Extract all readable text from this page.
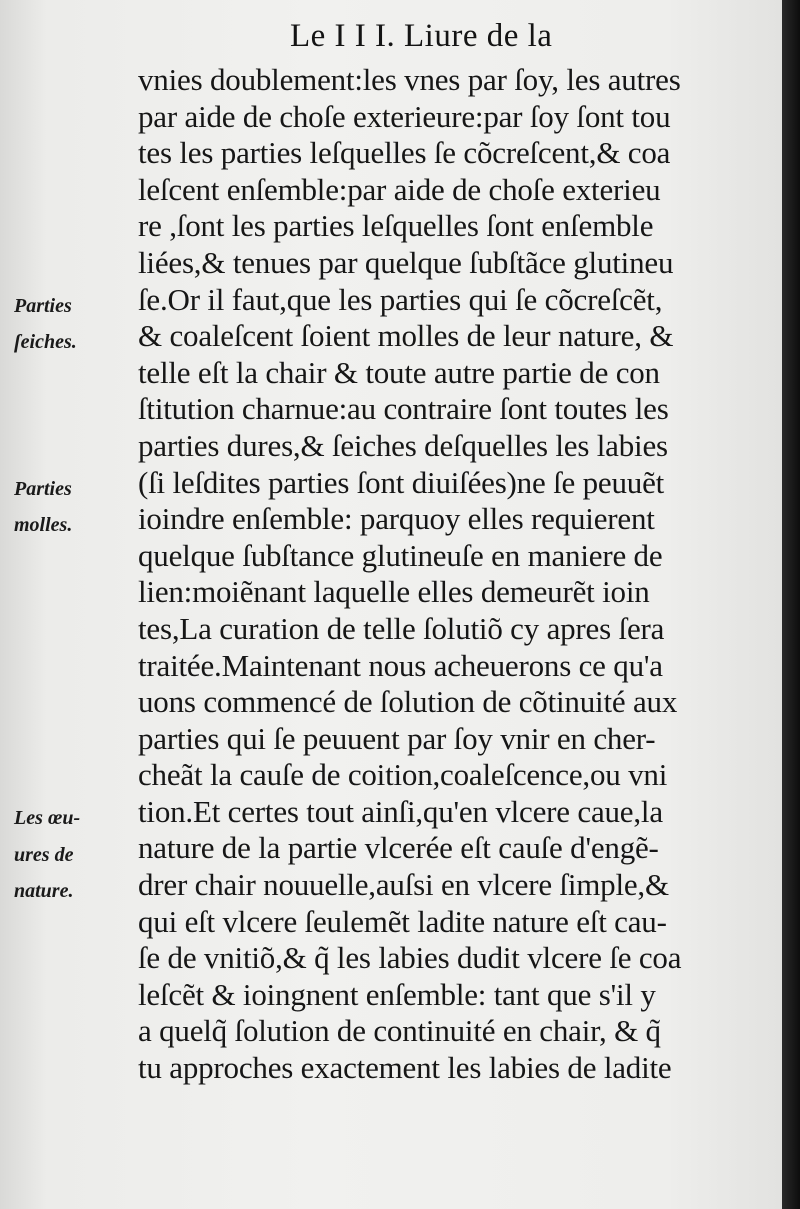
Le I I I. Liure de la
Parties
ſeiches.
Parties
molles.
Les œu-
ures de
nature.
vnies doublement:les vnes par ſoy, les autres
par aide de choſe exterieure:par ſoy ſont tou
tes les parties leſquelles ſe cõcreſcent,& coa
leſcent enſemble:par aide de choſe exterieu
re ,ſont les parties leſquelles ſont enſemble
liées,& tenues par quelque ſubſtãce glutineu
ſe.Or il faut,que les parties qui ſe cõcreſcẽt,
& coaleſcent ſoient molles de leur nature, &
telle eſt la chair & toute autre partie de con
ſtitution charnue:au contraire ſont toutes les
parties dures,& ſeiches deſquelles les labies
(ſi leſdites parties ſont diuiſées)ne ſe peuuẽt
ioindre enſemble: parquoy elles requierent
quelque ſubſtance glutineuſe en maniere de
lien:moiẽnant laquelle elles demeurẽt ioin
tes,La curation de telle ſolutiõ cy apres ſera
traitée.Maintenant nous acheuerons ce qu'a
uons commencé de ſolution de cõtinuité aux
parties qui ſe peuuent par ſoy vnir en cher-
cheãt la cauſe de coition,coaleſcence,ou vni
tion.Et certes tout ainſi,qu'en vlcere caue,la
nature de la partie vlcerée eſt cauſe d'engẽ-
drer chair nouuelle,auſsi en vlcere ſimple,&
qui eſt vlcere ſeulemẽt ladite nature eſt cau-
ſe de vnitiõ,& q̃ les labies dudit vlcere ſe coa
leſcẽt & ioingnent enſemble: tant que s'il y
a quelq̃ ſolution de continuité en chair, & q̃
tu approches exactement les labies de ladite
